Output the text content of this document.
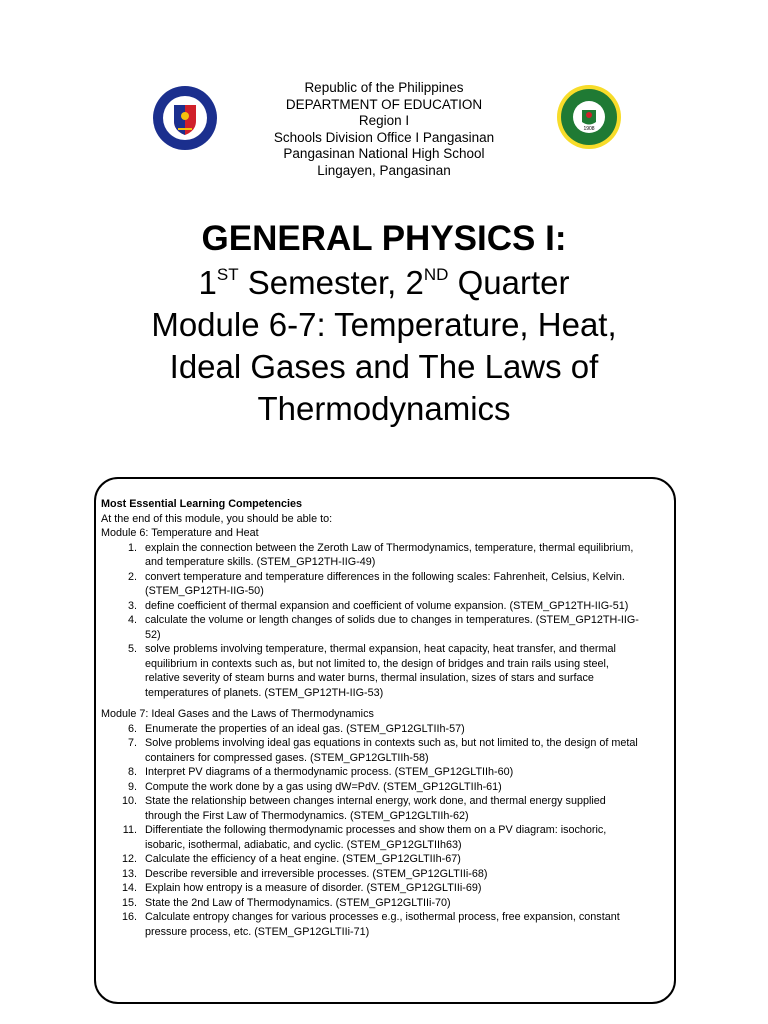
1908
Republic of the Philippines
DEPARTMENT OF EDUCATION
Region I
Schools Division Office I Pangasinan
Pangasinan National High School
Lingayen, Pangasinan
GENERAL PHYSICS I:
1ST Semester, 2ND Quarter
Module 6-7: Temperature, Heat,
Ideal Gases and The Laws of
Thermodynamics
Most Essential Learning Competencies
At the end of this module, you should be able to:
Module 6: Temperature and Heat
1. explain the connection between the Zeroth Law of Thermodynamics, temperature, thermal equilibrium,
and temperature skills. (STEM_GP12TH-IIG-49)
2. convert temperature and temperature differences in the following scales: Fahrenheit, Celsius, Kelvin.
(STEM_GP12TH-IIG-50)
3. define coefficient of thermal expansion and coefficient of volume expansion. (STEM_GP12TH-IIG-51)
4. calculate the volume or length changes of solids due to changes in temperatures. (STEM_GP12TH-IIG-
52)
5. solve problems involving temperature, thermal expansion, heat capacity, heat transfer, and thermal
equilibrium in contexts such as, but not limited to, the design of bridges and train rails using steel,
relative severity of steam burns and water burns, thermal insulation, sizes of stars and surface
temperatures of planets. (STEM_GP12TH-IIG-53)
Module 7: Ideal Gases and the Laws of Thermodynamics
6. Enumerate the properties of an ideal gas. (STEM_GP12GLTIIh-57)
7. Solve problems involving ideal gas equations in contexts such as, but not limited to, the design of metal
containers for compressed gases. (STEM_GP12GLTIIh-58)
8. Interpret PV diagrams of a thermodynamic process. (STEM_GP12GLTIIh-60)
9. Compute the work done by a gas using dW=PdV. (STEM_GP12GLTIIh-61)
10. State the relationship between changes internal energy, work done, and thermal energy supplied
through the First Law of Thermodynamics. (STEM_GP12GLTIIh-62)
11. Differentiate the following thermodynamic processes and show them on a PV diagram: isochoric,
isobaric, isothermal, adiabatic, and cyclic. (STEM_GP12GLTIIh63)
12. Calculate the efficiency of a heat engine. (STEM_GP12GLTIIh-67)
13. Describe reversible and irreversible processes. (STEM_GP12GLTIIi-68)
14. Explain how entropy is a measure of disorder. (STEM_GP12GLTIIi-69)
15. State the 2nd Law of Thermodynamics. (STEM_GP12GLTIIi-70)
16. Calculate entropy changes for various processes e.g., isothermal process, free expansion, constant
pressure process, etc. (STEM_GP12GLTIIi-71)
